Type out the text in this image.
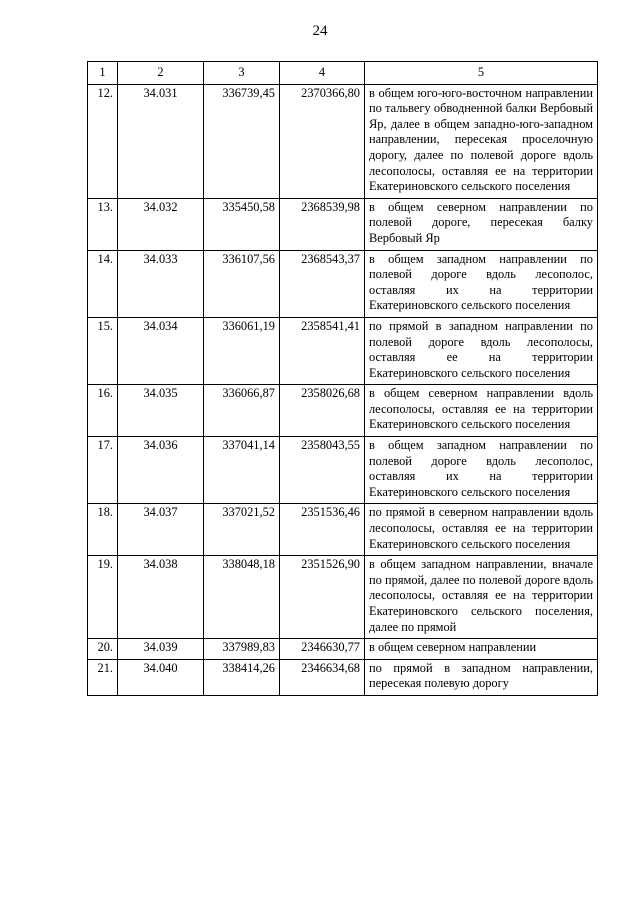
24
1	2	3	4	5
12.	34.031	336739,45	2370366,80	в общем юго-юго-восточном направлении по тальвегу обводненной балки Вербовый Яр, далее в общем западно-юго-западном направлении, пересекая проселочную дорогу, далее по полевой дороге вдоль лесополосы, оставляя ее на территории Екатериновского сельского поселения
13.	34.032	335450,58	2368539,98	в общем северном направлении по полевой дороге, пересекая балку Вербовый Яр
14.	34.033	336107,56	2368543,37	в общем западном направлении по полевой дороге вдоль лесополос, оставляя их на территории Екатериновского сельского поселения
15.	34.034	336061,19	2358541,41	по прямой в западном направлении по полевой дороге вдоль лесополосы, оставляя ее на территории Екатериновского сельского поселения
16.	34.035	336066,87	2358026,68	в общем северном направлении вдоль лесополосы, оставляя ее на территории Екатериновского сельского поселения
17.	34.036	337041,14	2358043,55	в общем западном направлении по полевой дороге вдоль лесополос, оставляя их на территории Екатериновского сельского поселения
18.	34.037	337021,52	2351536,46	по прямой в северном направлении вдоль лесополосы, оставляя ее на территории Екатериновского сельского поселения
19.	34.038	338048,18	2351526,90	в общем западном направлении, вначале по прямой, далее по полевой дороге вдоль лесополосы, оставляя ее на территории Екатериновского сельского поселения, далее по прямой
20.	34.039	337989,83	2346630,77	в общем северном направлении
21.	34.040	338414,26	2346634,68	по прямой в западном направлении, пересекая полевую дорогу
